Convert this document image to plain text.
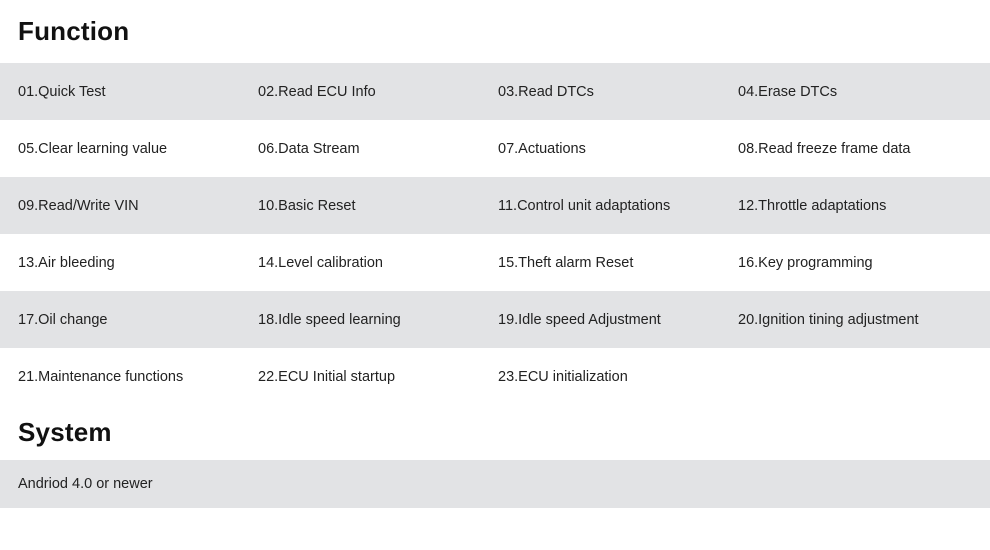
Function
01.Quick Test	02.Read ECU Info	03.Read DTCs	04.Erase DTCs
05.Clear learning value	06.Data Stream	07.Actuations	08.Read freeze frame data
09.Read/Write VIN	10.Basic Reset	11.Control unit adaptations	12.Throttle adaptations
13.Air bleeding	14.Level calibration	15.Theft alarm Reset	16.Key programming
17.Oil change	18.Idle speed learning	19.Idle speed Adjustment	20.Ignition tining adjustment
21.Maintenance functions	22.ECU Initial startup	23.ECU initialization
System
Andriod 4.0 or newer
